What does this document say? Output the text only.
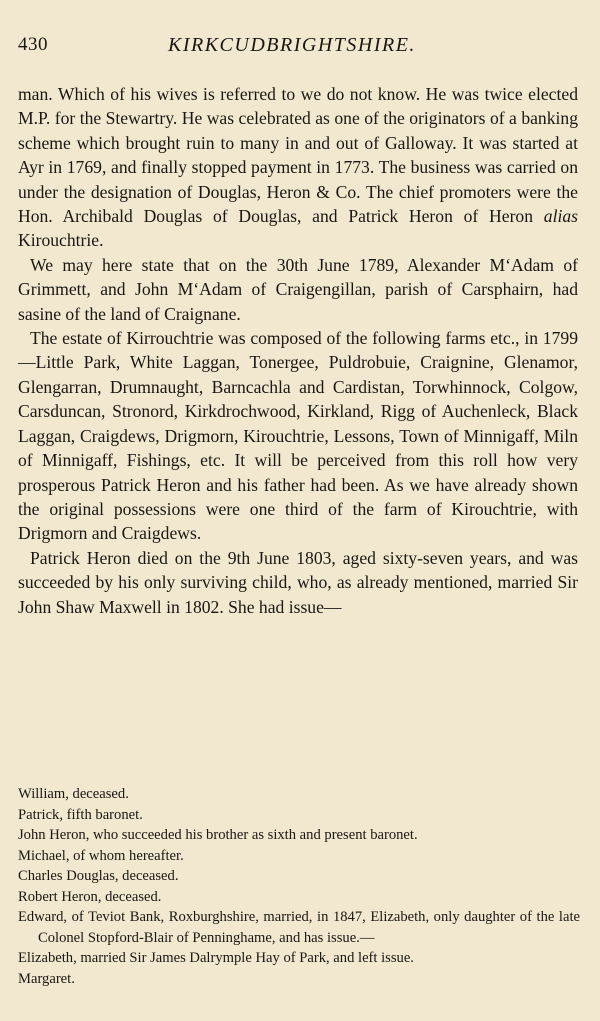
430	KIRKCUDBRIGHTSHIRE.

man. Which of his wives is referred to we do not know. He was twice elected M.P. for the Stewartry. He was celebrated as one of the originators of a banking scheme which brought ruin to many in and out of Galloway. It was started at Ayr in 1769, and finally stopped payment in 1773. The business was carried on under the designation of Douglas, Heron & Co. The chief promoters were the Hon. Archibald Douglas of Douglas, and Patrick Heron of Heron alias Kirouchtrie.

We may here state that on the 30th June 1789, Alexander M‘Adam of Grimmett, and John M‘Adam of Craigengillan, parish of Carsphairn, had sasine of the land of Craignane.

The estate of Kirrouchtrie was composed of the following farms etc., in 1799—Little Park, White Laggan, Tonergee, Puldrobuie, Craignine, Glenamor, Glengarran, Drumnaught, Barncachla and Cardistan, Torwhinnock, Colgow, Carsduncan, Stronord, Kirkdrochwood, Kirkland, Rigg of Auchenleck, Black Laggan, Craigdews, Drigmorn, Kirouchtrie, Lessons, Town of Minnigaff, Miln of Minnigaff, Fishings, etc. It will be perceived from this roll how very prosperous Patrick Heron and his father had been. As we have already shown the original possessions were one third of the farm of Kirouchtrie, with Drigmorn and Craigdews.

Patrick Heron died on the 9th June 1803, aged sixty-seven years, and was succeeded by his only surviving child, who, as already mentioned, married Sir John Shaw Maxwell in 1802. She had issue—

William, deceased.
Patrick, fifth baronet.
John Heron, who succeeded his brother as sixth and present baronet.
Michael, of whom hereafter.
Charles Douglas, deceased.
Robert Heron, deceased.
Edward, of Teviot Bank, Roxburghshire, married, in 1847, Elizabeth, only daughter of the late Colonel Stopford-Blair of Penninghame, and has issue.—
Elizabeth, married Sir James Dalrymple Hay of Park, and left issue.
Margaret.
